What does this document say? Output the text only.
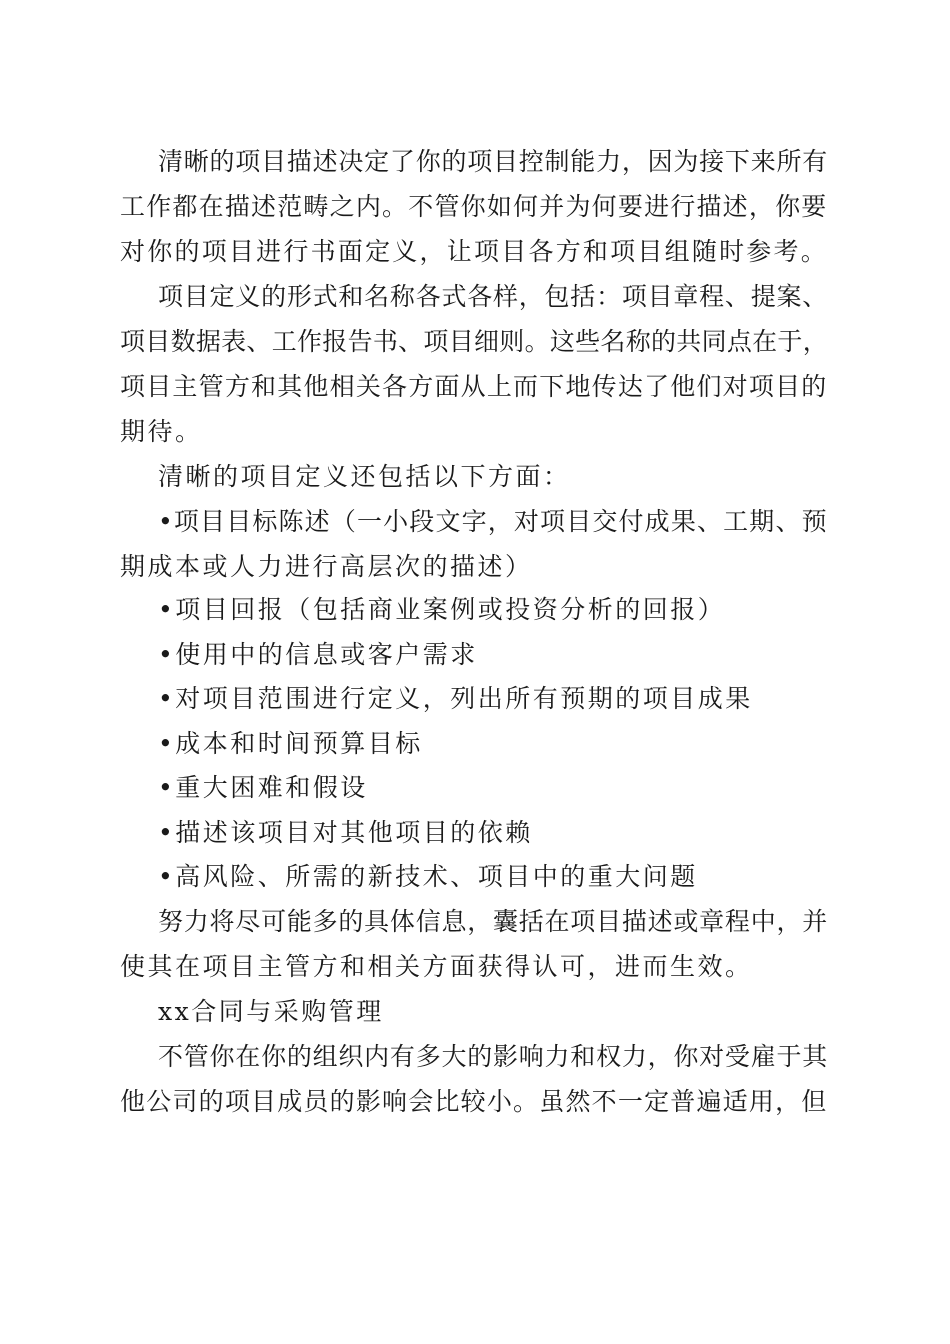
清晰的项目描述决定了你的项目控制能力，因为接下来所有
工作都在描述范畴之内。不管你如何并为何要进行描述，你要
对你的项目进行书面定义，让项目各方和项目组随时参考。
项目定义的形式和名称各式各样，包括：项目章程、提案、
项目数据表、工作报告书、项目细则。这些名称的共同点在于，
项目主管方和其他相关各方面从上而下地传达了他们对项目的
期待。
清晰的项目定义还包括以下方面：
•项目目标陈述（一小段文字，对项目交付成果、工期、预
期成本或人力进行高层次的描述）
•项目回报（包括商业案例或投资分析的回报）
•使用中的信息或客户需求
•对项目范围进行定义，列出所有预期的项目成果
•成本和时间预算目标
•重大困难和假设
•描述该项目对其他项目的依赖
•高风险、所需的新技术、项目中的重大问题
努力将尽可能多的具体信息，囊括在项目描述或章程中，并
使其在项目主管方和相关方面获得认可，进而生效。
xx合同与采购管理
不管你在你的组织内有多大的影响力和权力，你对受雇于其
他公司的项目成员的影响会比较小。虽然不一定普遍适用，但
